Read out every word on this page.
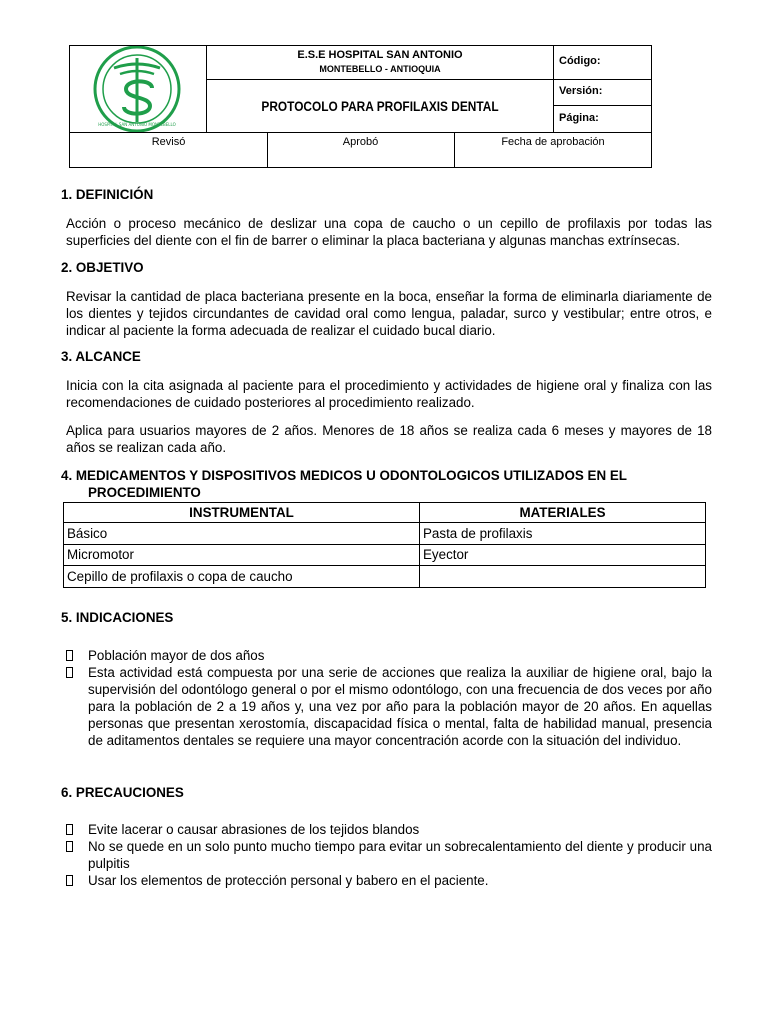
HOSPITAL SAN ANTONIO MONTEBELLO
E.S.E HOSPITAL SAN ANTONIO
MONTEBELLO - ANTIOQUIA
PROTOCOLO PARA PROFILAXIS DENTAL
Código:
Versión:
Página:
Revisó	Aprobó	Fecha de aprobación
1. DEFINICIÓN
Acción o proceso mecánico de deslizar una copa de caucho o un cepillo de profilaxis por todas las superficies del diente con el fin de barrer o eliminar la placa bacteriana y algunas manchas extrínsecas.
2. OBJETIVO
Revisar la cantidad de placa bacteriana presente en la boca, enseñar la forma de eliminarla diariamente de los dientes y tejidos circundantes de cavidad oral como lengua, paladar, surco y vestibular; entre otros, e indicar al paciente la forma adecuada de realizar el cuidado bucal diario.
3. ALCANCE
Inicia con la cita asignada al paciente para el procedimiento y actividades de higiene oral y finaliza con las recomendaciones de cuidado posteriores al procedimiento realizado.
Aplica para usuarios mayores de 2 años. Menores de 18 años se realiza cada 6 meses y mayores de 18 años se realizan cada año.
4. MEDICAMENTOS Y DISPOSITIVOS MEDICOS U ODONTOLOGICOS UTILIZADOS EN EL
PROCEDIMIENTO
INSTRUMENTAL	MATERIALES
Básico	Pasta de profilaxis
Micromotor	Eyector
Cepillo de profilaxis o copa de caucho	
5. INDICACIONES
Población mayor de dos años
Esta actividad está compuesta por una serie de acciones que realiza la auxiliar de higiene oral, bajo la supervisión del odontólogo general o por el mismo odontólogo, con una frecuencia de dos veces por año para la población de 2 a 19 años y, una vez por año para la población mayor de 20 años. En aquellas personas que presentan xerostomía, discapacidad física o mental, falta de habilidad manual, presencia de aditamentos dentales se requiere una mayor concentración acorde con la situación del individuo.
6. PRECAUCIONES
Evite lacerar o causar abrasiones de los tejidos blandos
No se quede en un solo punto mucho tiempo para evitar un sobrecalentamiento del diente y producir una pulpitis
Usar los elementos de protección personal y babero en el paciente.
